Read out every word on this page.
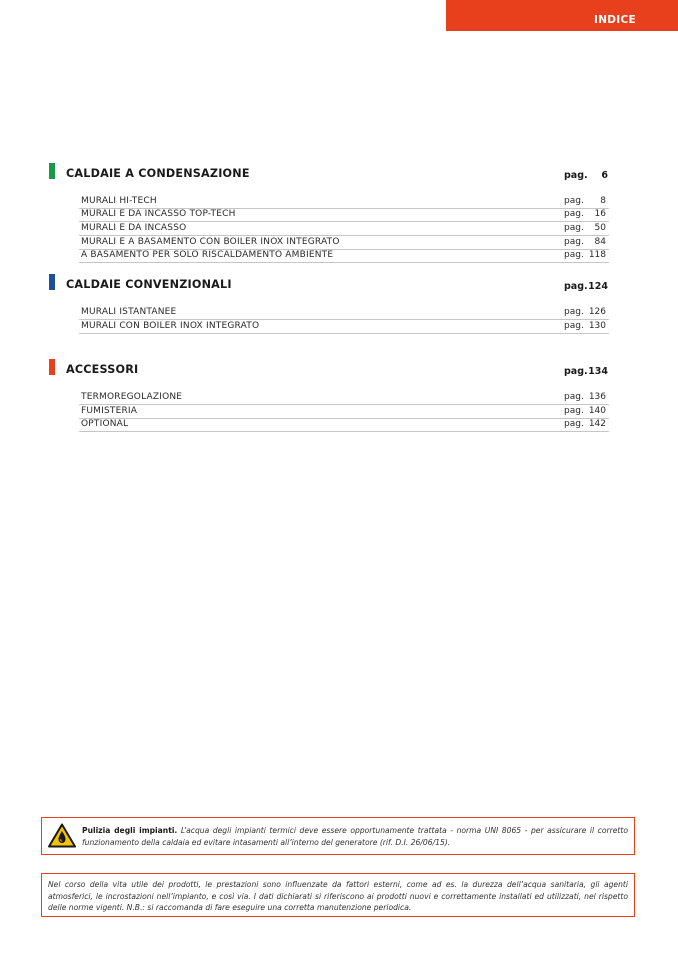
INDICE
CALDAIE A CONDENSAZIONE	pag. 6
MURALI HI-TECH	pag. 8
MURALI E DA INCASSO TOP-TECH	pag. 16
MURALI E DA INCASSO	pag. 50
MURALI E A BASAMENTO CON BOILER INOX INTEGRATO	pag. 84
A BASAMENTO PER SOLO RISCALDAMENTO AMBIENTE	pag. 118
CALDAIE CONVENZIONALI	pag. 124
MURALI ISTANTANEE	pag. 126
MURALI CON BOILER INOX INTEGRATO	pag. 130
ACCESSORI	pag. 134
TERMOREGOLAZIONE	pag. 136
FUMISTERIA	pag. 140
OPTIONAL	pag. 142
Pulizia degli impianti. L’acqua degli impianti termici deve essere opportunamente trattata - norma UNI 8065 - per assicurare il corretto funzionamento della caldaia ed evitare intasamenti all’interno del generatore (rif. D.I. 26/06/15).
Nel corso della vita utile dei prodotti, le prestazioni sono influenzate da fattori esterni, come ad es. la durezza dell’acqua sanitaria, gli agenti atmosferici, le incrostazioni nell’impianto, e così via. I dati dichiarati si riferiscono ai prodotti nuovi e correttamente installati ed utilizzati, nel rispetto delle norme vigenti. N.B.: si raccomanda di fare eseguire una corretta manutenzione periodica.
